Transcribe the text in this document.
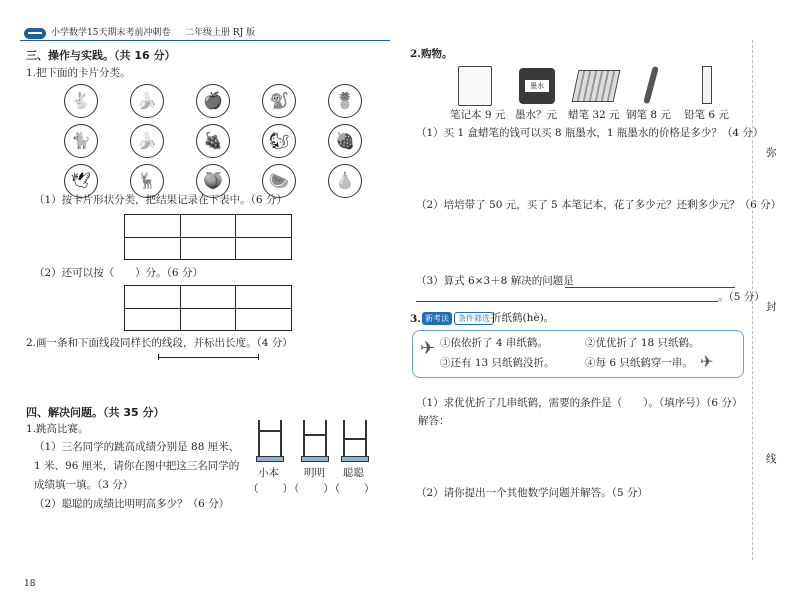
小学数学15天期末考前冲刺卷 二年级上册 RJ 版
三、操作与实践。（共 16 分）
1.把下面的卡片分类。
🐇	🍌	🍎	🐒	🍍
🐈	🍌	🍇	🐿	🍓
🕊	🦌	🍑	🍉	🍐
（1）按卡片形状分类，把结果记录在下表中。（6 分）

（2）还可以按（　　）分。（6 分）

2.画一条和下面线段同样长的线段，并标出长度。（4 分）
四、解决问题。（共 35 分）
1.跳高比赛。
（1）三名同学的跳高成绩分别是 88 厘米、
1 米、96 厘米，请你在图中把这三名同学的
成绩填一填。（3 分）
（2）聪聪的成绩比明明高多少？（6 分）
小本 明明 聪聪
（　　）（　　）（　　）
18
2.购物。
墨水
笔记本 9 元 墨水？元 蜡笔 32 元 钢笔 8 元 铅笔 6 元
（1）买 1 盒蜡笔的钱可以买 8 瓶墨水，1 瓶墨水的价格是多少？（4 分）
（2）培培带了 50 元，买了 5 本笔记本，花了多少元？还剩多少元？（6 分）
（3）算式 6×3＋8 解决的问题是
。（5 分）
3. 新考法	条件筛选 折纸鹤(hè)。
✈
✈
①依依折了 4 串纸鹤。	②优优折了 18 只纸鹤。
③还有 13 只纸鹤没折。	④每 6 只纸鹤穿一串。
（1）求优优折了几串纸鹤，需要的条件是（　　）。（填序号）（6 分）
解答：
（2）请你提出一个其他数学问题并解答。（5 分）
弥
封
线
